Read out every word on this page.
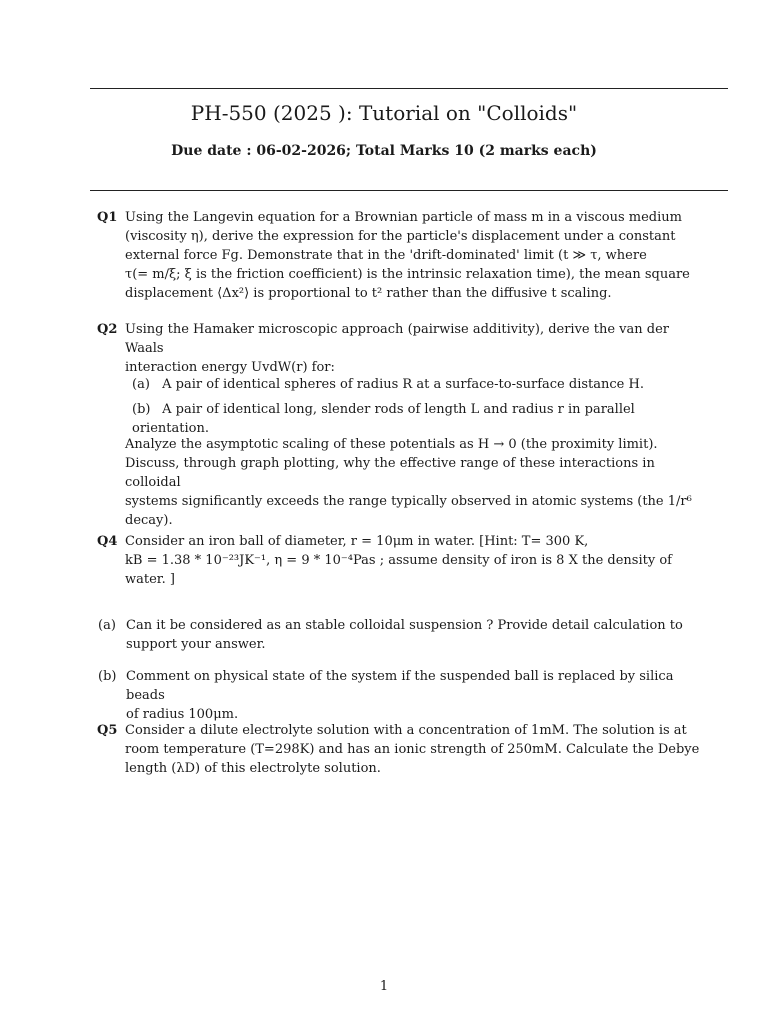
PH-550 (2025 ): Tutorial on "Colloids"
Due date : 06-02-2026; Total Marks 10 (2 marks each)
Q1 Using the Langevin equation for a Brownian particle of mass m in a viscous medium

(viscosity η), derive the expression for the particle's displacement under a constant

external force Fg. Demonstrate that in the 'drift-dominated' limit (t ≫ τ, where

τ(= m/ξ; ξ is the friction coefficient) is the intrinsic relaxation time), the mean square

displacement ⟨Δx²⟩ is proportional to t² rather than the diffusive t scaling.

Q2 Using the Hamaker microscopic approach (pairwise additivity), derive the van der Waals

interaction energy UvdW(r) for:

(a) A pair of identical spheres of radius R at a surface-to-surface distance H.
(b) A pair of identical long, slender rods of length L and radius r in parallel orientation.

Analyze the asymptotic scaling of these potentials as H → 0 (the proximity limit).

Discuss, through graph plotting, why the effective range of these interactions in colloidal

systems significantly exceeds the range typically observed in atomic systems (the 1/r⁶

decay).

Q4 Consider an iron ball of diameter, r = 10μm in water. [Hint: T= 300 K,

kB = 1.38 * 10⁻²³JK⁻¹, η = 9 * 10⁻⁴Pas ; assume density of iron is 8 X the density of

water. ]

(a) Can it be considered as an stable colloidal suspension ? Provide detail calculation to
support your answer.
(b) Comment on physical state of the system if the suspended ball is replaced by silica beads
of radius 100μm.
Q5 Consider a dilute electrolyte solution with a concentration of 1mM. The solution is at

room temperature (T=298K) and has an ionic strength of 250mM. Calculate the Debye

length (λD) of this electrolyte solution.

1
